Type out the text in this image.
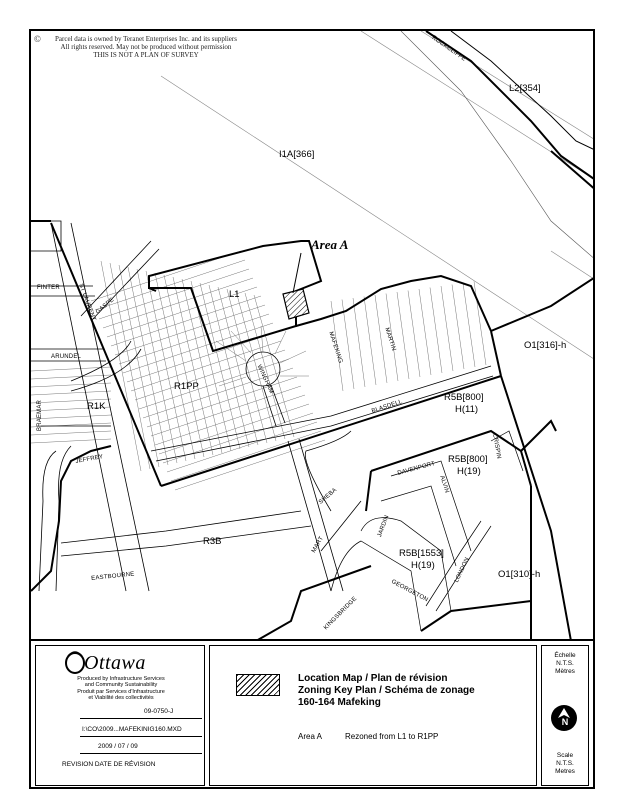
©	Parcel data is owned by Teranet Enterprises Inc. and its suppliers
All rights reserved. May not be produced without permission
THIS IS NOT A PLAN OF SURVEY
I1A[366]
L2[354]
L1
R1PP
R1K
R3B
O1[316]-h
O1[310]-h
R5B[800]
H(11)
R5B[800]
H(19)
R5B[1553]
H(19)
ROCKCLIFFE
FINTER	ST LAURENT
GASPE
ARUNDEL
BRAEMAR
JEFFREY
WINGHAM
MAFEKING	MARTIN
BLASDELL
CRISPIN
DAVENPORT
ALVIN
SHEBA
MART
JARDIN
LONDON
GEORGETON
KINGSBRIDGE
EASTBOURNE
Area A
Ottawa
Produced by Infrastructure Services
and Community Sustainability
Produit par Services d'Infrastructure
et Viabilité des collectivités
09-0750-J
I:\CO\2009...MAFEKINIG160.MXD
2009 / 07 / 09
REVISION DATE DE RÉVISION
Location Map / Plan de révision
Zoning Key Plan / Schéma de zonage
160-164 Mafeking
Area A	Rezoned from L1 to R1PP
Échelle
N.T.S.
Mètres
N
Scale
N.T.S.
Metres
